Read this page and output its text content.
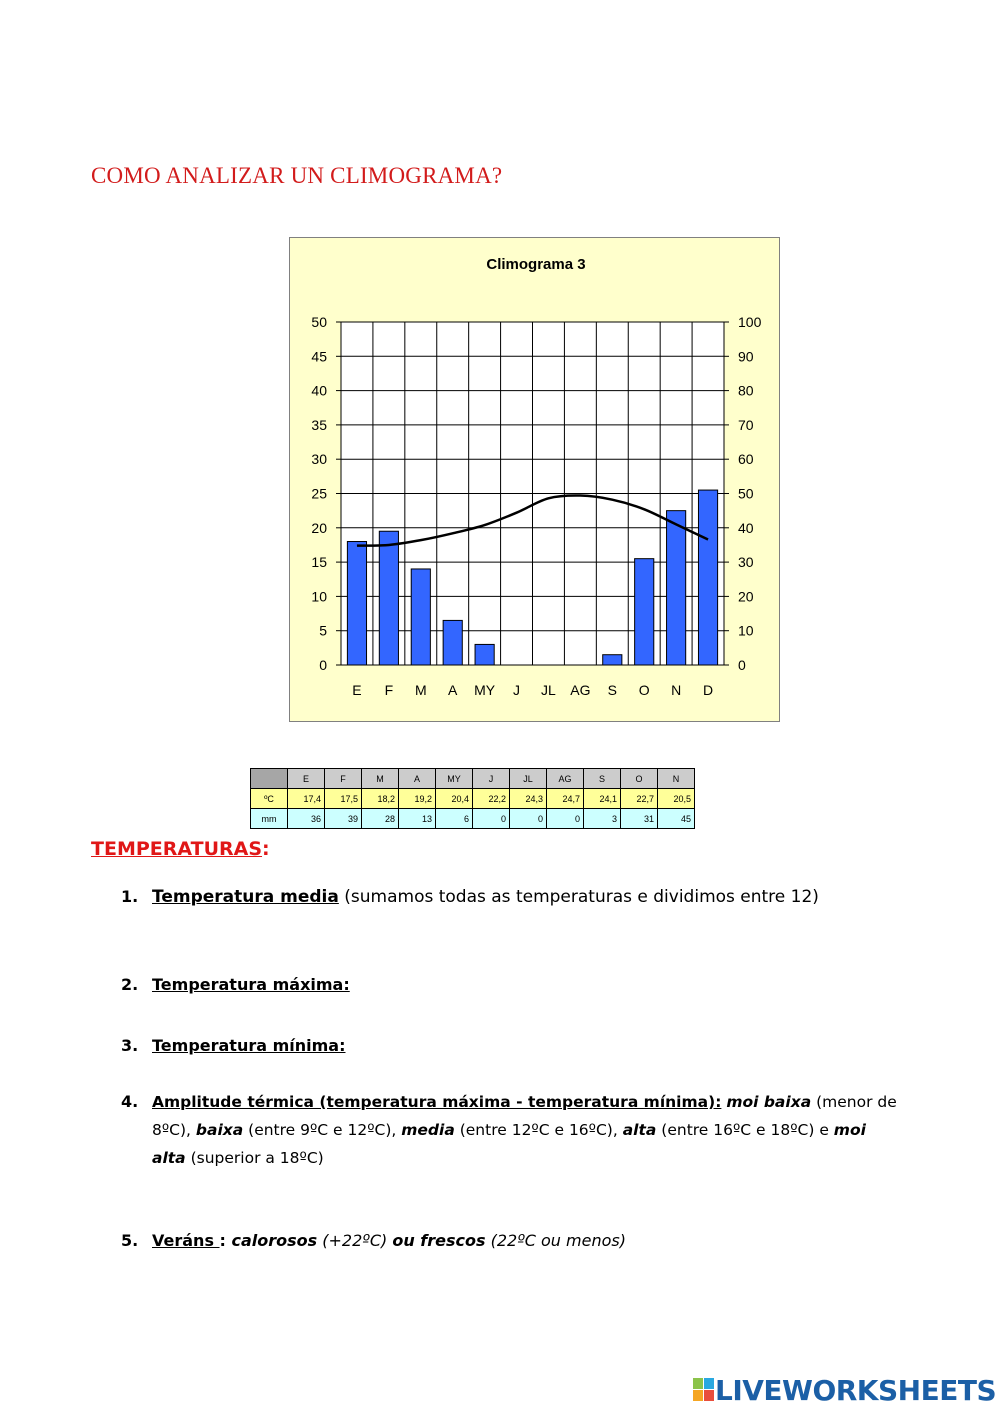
COMO ANALIZAR UN CLIMOGRAMA?
Climograma 3
0	0
5	10
10	20
15	30
20	40
25	50
30	60
35	70
40	80
45	90
50	100
E F M A MY J JL AG S O N D
	E	F	M	A	MY	J	JL	AG	S	O	N
ºC	17,4	17,5	18,2	19,2	20,4	22,2	24,3	24,7	24,1	22,7	20,5
mm	36	39	28	13	6	0	0	0	3	31	45
TEMPERATURAS:
1. Temperatura media (sumamos todas as temperaturas e dividimos entre 12)
2. Temperatura máxima:
3. Temperatura mínima:
4. Amplitude térmica (temperatura máxima - temperatura mínima): moi baixa (menor de 8ºC), baixa (entre 9ºC e 12ºC), media (entre 12ºC e 16ºC), alta (entre 16ºC e 18ºC) e moi alta (superior a 18ºC)
5. Veráns : calorosos (+22ºC) ou frescos (22ºC ou menos)
LIVEWORKSHEETS
